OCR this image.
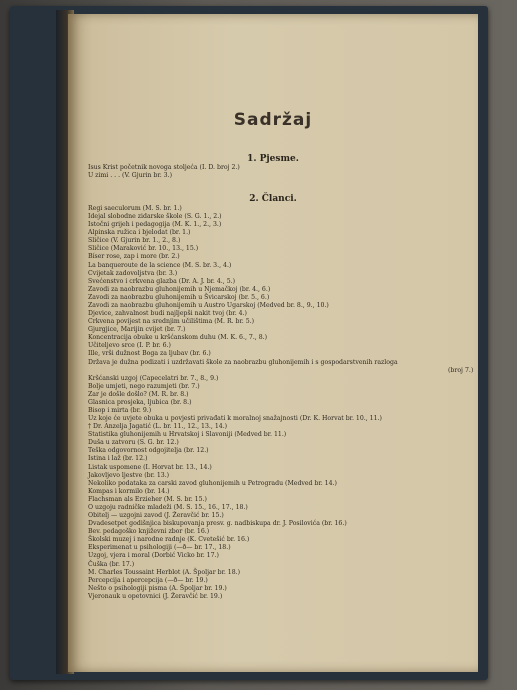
Sadržaj
1. Pjesme.
2. Članci.
Isus Krist početnik novoga stoljeća (I. D. broj 2.)
U zimi . . . (V. Gjurin br. 3.)
Regi saeculorum (M. S. br. 1.)
Idejal slobodne zidarske škole (S. G. 1., 2.)
Istočni grijeh i pedagogija (M. K. 1., 2., 3.)
Alpinska ružica i bjelodat (br. 1.)
Sličice (V. Gjurin br. 1., 2., 8.)
Sličice (Maraković br. 10., 13., 15.)
Bíser rose, zap i more (br. 2.)
La banqueroute de la science (M. S. br. 3., 4.)
Cvijetak zadovoljstva (br. 3.)
Svećenstvo i crkvena glazba (Dr. A. J. br. 4., 5.)
Zavodi za naobrazbu gluhonijemih u Njemačkoj (br. 4., 6.)
Zavodi za naobrazbu gluhonijemih u Švicarskoj (br. 5., 6.)
Zavodi za naobrazbu gluhonijemih u Austro Ugarskoj (Medved br. 8., 9., 10.)
Djevice, zahvalnost budi najljepši nakit tvoj (br. 4.)
Crkvena povijest na srednjim učilištima (M. R. br. 5.)
Gjurgjice, Marijin cvijet (br. 7.)
Koncentracija obuke u kršćanskom duhu (M. K. 6., 7., 8.)
Učiteljevo srce (I. P. br. 6.)
Ille, vrši dužnost Boga za ljubav (br. 6.)
Država je dužna podizati i uzdržavati škole za naobrazbu gluhonijemih i s gospodarstvenih razloga
(broj 7.)
Kršćanski uzgoj (Capecelatri br. 7., 8., 9.)
Bolje umjeti, nego razumjeti (br. 7.)
Zar je došle došlo? (M. R. br. 8.)
Glasnica prosjeka, ljubica (br. 8.)
Bisop i mirta (br. 9.)
Uz koje će uvjete obuka u povjesti privađati k moralnoj snažajnosti (Dr. K. Horvat br. 10., 11.)
† Dr. Anzelja Jagatić (L. br. 11., 12., 13., 14.)
Statistika gluhonijemih u Hrvatskoj i Slavoniji (Medved br. 11.)
Duša u zatvoru (S. G. br. 12.)
Teška odgovornost odgojitelja (br. 12.)
Istina i laž (br. 12.)
Listak uspomene (I. Horvat br. 13., 14.)
Jakovljevo ljestve (br. 13.)
Nekoliko podataka za carski zavod gluhonijemih u Petrogradu (Medved br. 14.)
Kompas i kormilo (br. 14.)
Flachsman als Erzieher (M. S. br. 15.)
O uzgoju radničke mladeži (M. S. 15., 16., 17., 18.)
Obitelj — uzgojni zavod (J. Žeravčić br. 15.)
Dvadesetpet godišnjica biskupovanja presv. g. nadbiskupa dr. J. Posilovića (br. 16.)
Bev. pedagoško književni zbor (br. 16.)
Školski muzej i narodne radnje (K. Cvetešić br. 16.)
Eksperimenat u psihologiji (—ð— br. 17., 18.)
Uzgoj, vjera i moral (Dorbić Vicko br. 17.)
Čuška (br. 17.)
M. Charles Toussaint Herblot (A. Špoljar br. 18.)
Percepcija i apercepcija (—ð— br. 19.)
Nešto o psihologiji pisma (A. Špoljar br. 19.)
Vjeronauk u opetovnici (J. Žeravčić br. 19.)
